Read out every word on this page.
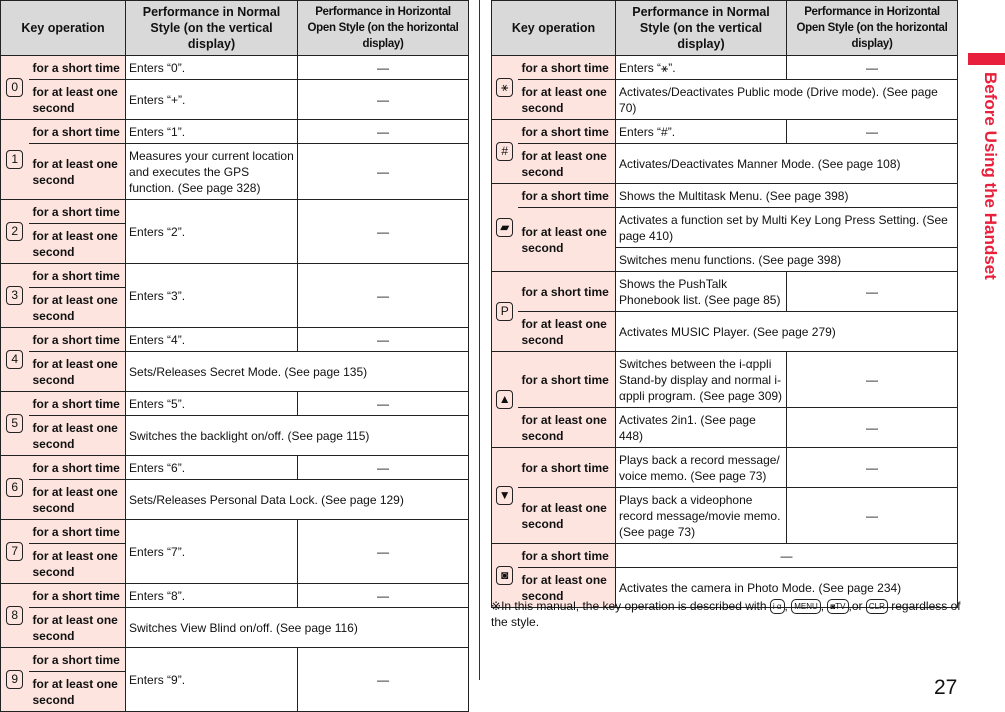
Key operation		Performance in Normal Style (on the vertical display)	Performance in Horizontal Open Style (on the horizontal display)
0	for a short time	Enters “0”.	—
	for at least one second	Enters “+”.	—
1	for a short time	Enters “1”.	—
	for at least one second	Measures your current location and executes the GPS function. (See page 328)	—
2	for a short time	Enters “2”.	—
	for at least one second		
3	for a short time	Enters “3”.	—
	for at least one second		
4	for a short time	Enters “4”.	—
	for at least one second	Sets/Releases Secret Mode. (See page 135)	
5	for a short time	Enters “5”.	—
	for at least one second	Switches the backlight on/off. (See page 115)	
6	for a short time	Enters “6”.	—
	for at least one second	Sets/Releases Personal Data Lock. (See page 129)	
7	for a short time	Enters “7”.	—
	for at least one second		
8	for a short time	Enters “8”.	—
	for at least one second	Switches View Blind on/off. (See page 116)	
9	for a short time	Enters “9”.	—
	for at least one second		
Key operation		Performance in Normal Style (on the vertical display)	Performance in Horizontal Open Style (on the horizontal display)
⚹	for a short time	Enters “⚹”.	—
	for at least one second	Activates/Deactivates Public mode (Drive mode). (See page 70)	
#	for a short time	Enters “#”.	—
	for at least one second	Activates/Deactivates Manner Mode. (See page 108)	
▰	for a short time	Shows the Multitask Menu. (See page 398)	
	for at least one second	Activates a function set by Multi Key Long Press Setting. (See page 410)	
		Switches menu functions. (See page 398)	
P	for a short time	Shows the PushTalk Phonebook list. (See page 85)	—
	for at least one second	Activates MUSIC Player. (See page 279)	
▲	for a short time	Switches between the i-αppli Stand-by display and normal i-αppli program. (See page 309)	—
	for at least one second	Activates 2in1. (See page 448)	—
▼	for a short time	Plays back a record message/ voice memo. (See page 73)	—
	for at least one second	Plays back a videophone record message/movie memo. (See page 73)	—
◙	for a short time	—	
	for at least one second	Activates the camera in Photo Mode. (See page 234)	
※In this manual, the key operation is described with i α , MENU , ◙TV ,or CLR regardless of the style.
Before Using the Handset
27
